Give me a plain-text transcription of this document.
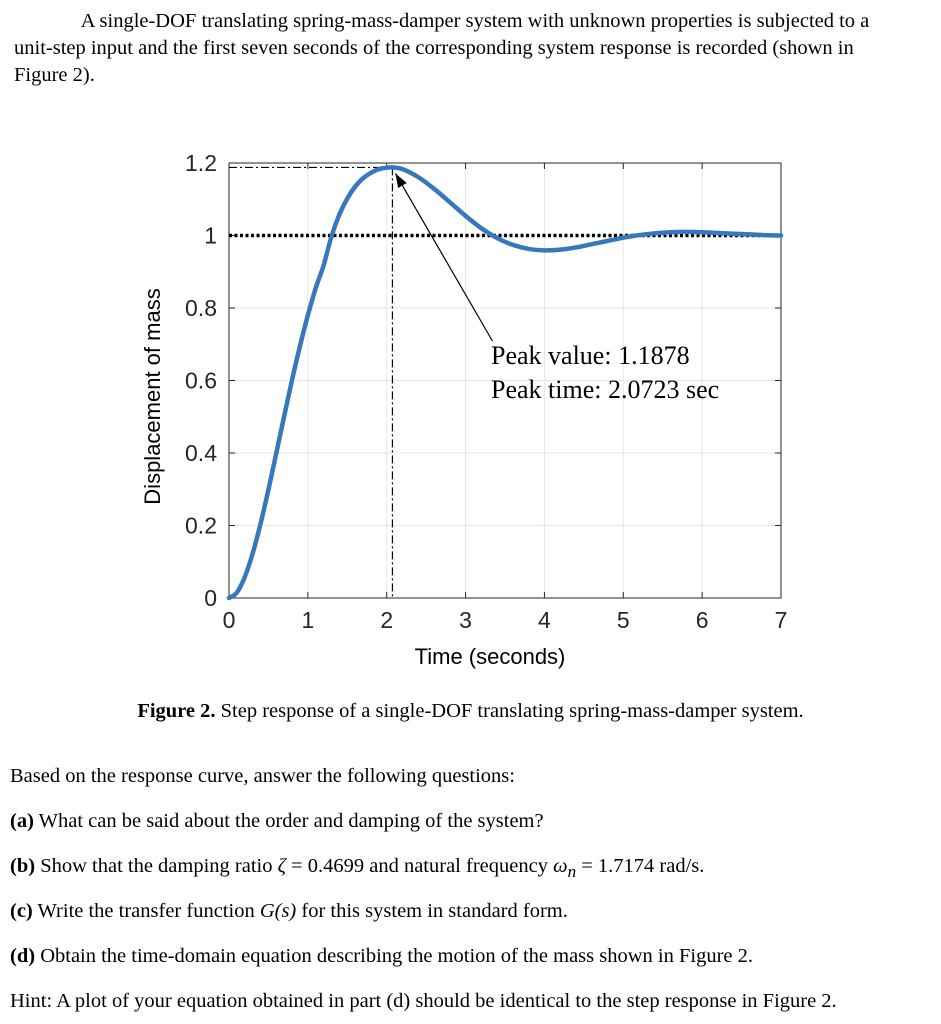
A single-DOF translating spring-mass-damper system with unknown properties is subjected to a
unit-step input and the first seven seconds of the corresponding system response is recorded (shown in
Figure 2).
Peak value: 1.1878
Peak time: 2.0723 sec
0	1	2	3	4	5	6	7
0
0.2
0.4
0.6
0.8
1
1.2
Time (seconds)
Displacement of mass
Figure 2. Step response of a single-DOF translating spring-mass-damper system.
Based on the response curve, answer the following questions:
(a) What can be said about the order and damping of the system?
(b) Show that the damping ratio ζ = 0.4699 and natural frequency $\omega_n = 1.7174$ rad/s.
(c) Write the transfer function G(s) for this system in standard form.
(d) Obtain the time-domain equation describing the motion of the mass shown in Figure 2.
Hint: A plot of your equation obtained in part (d) should be identical to the step response in Figure 2.
